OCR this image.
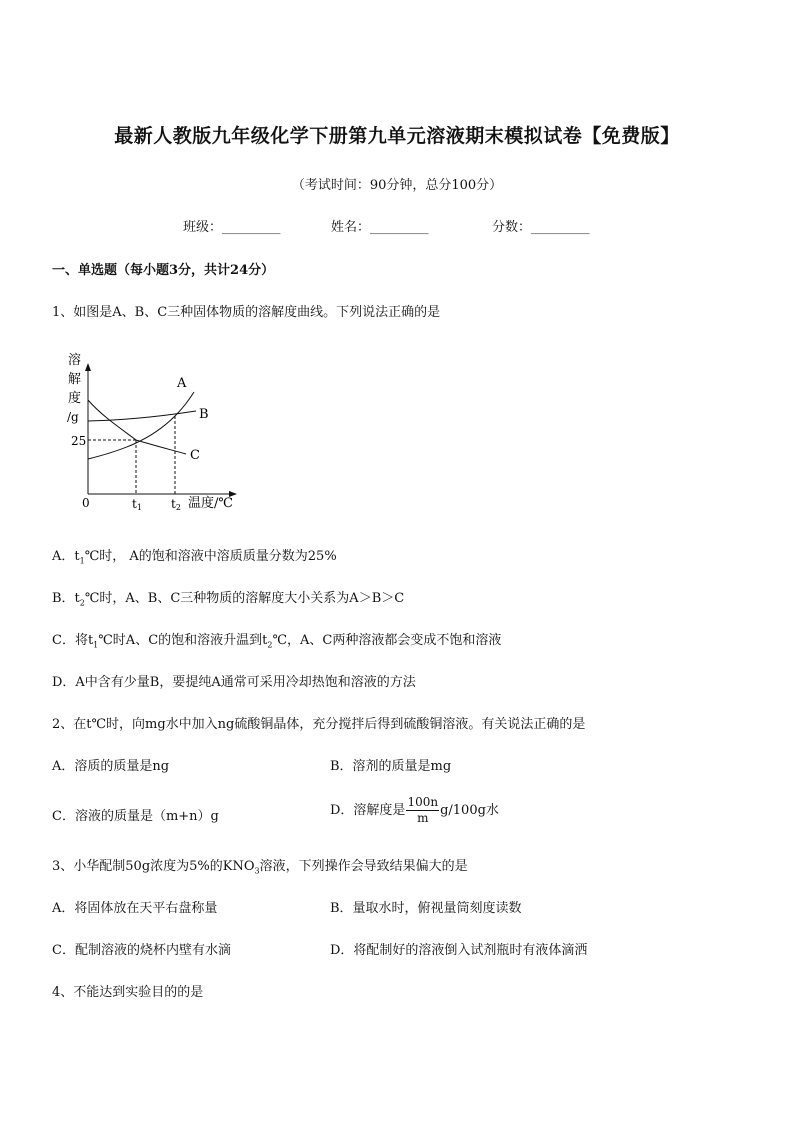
最新人教版九年级化学下册第九单元溶液期末模拟试卷【免费版】
（考试时间：90分钟，总分100分）
班级：_________	姓名：_________	分数：_________
一、单选题（每小题3分，共计24分）
1、如图是A、B、C三种固体物质的溶解度曲线。下列说法正确的是
溶
解
度
/g
25
0	t1 t2 温度/℃
A
B
C
A．$t_1℃$时， A的饱和溶液中溶质质量分数为25%
B．$t_2℃$时，A、B、C三种物质的溶解度大小关系为A＞B＞C
C．将$t_1℃$时A、C的饱和溶液升温到$t_2℃$，A、C两种溶液都会变成不饱和溶液
D．A中含有少量B，要提纯A通常可采用冷却热饱和溶液的方法
2、在t℃时，向mg水中加入ng硫酸铜晶体，充分搅拌后得到硫酸铜溶液。有关说法正确的是
A．溶质的质量是ng	B．溶剂的质量是mg
C．溶液的质量是（m+n）g	D．溶解度是 $\frac{100n}{m} g/100g$水
3、小华配制50g浓度为5%的$KNO_3$溶液，下列操作会导致结果偏大的是
A．将固体放在天平右盘称量	B．量取水时，俯视量筒刻度读数
C．配制溶液的烧杯内壁有水滴	D．将配制好的溶液倒入试剂瓶时有液体滴洒
4、不能达到实验目的的是
